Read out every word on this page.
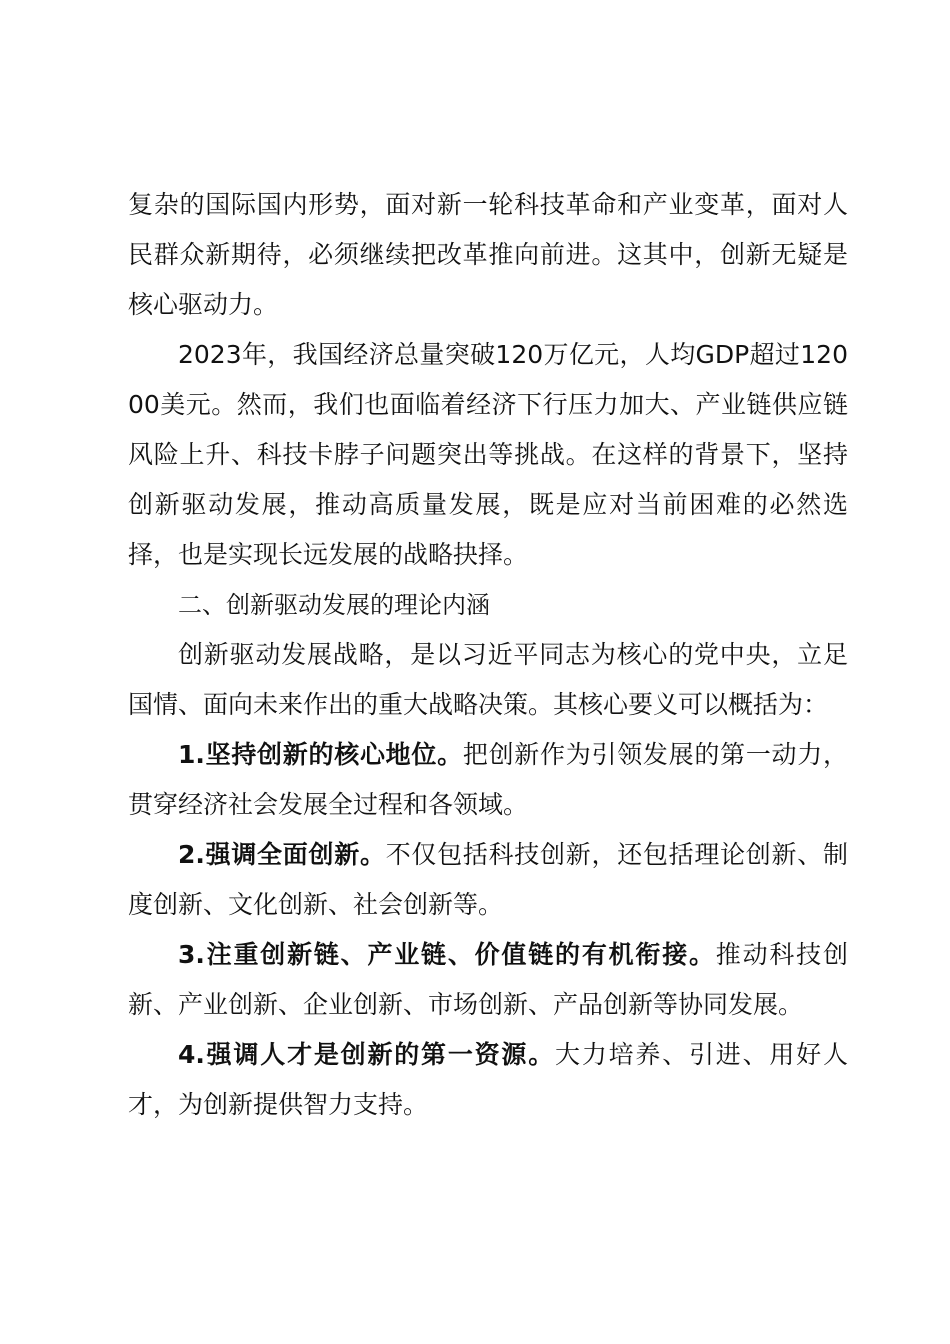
复杂的国际国内形势，面对新一轮科技革命和产业变革，面对人民群众新期待，必须继续把改革推向前进。这其中，创新无疑是核心驱动力。

2023年，我国经济总量突破120万亿元，人均GDP超过12000美元。然而，我们也面临着经济下行压力加大、产业链供应链风险上升、科技卡脖子问题突出等挑战。在这样的背景下，坚持创新驱动发展，推动高质量发展，既是应对当前困难的必然选择，也是实现长远发展的战略抉择。

二、创新驱动发展的理论内涵

创新驱动发展战略，是以习近平同志为核心的党中央，立足国情、面向未来作出的重大战略决策。其核心要义可以概括为：

1.坚持创新的核心地位。把创新作为引领发展的第一动力，贯穿经济社会发展全过程和各领域。

2.强调全面创新。不仅包括科技创新，还包括理论创新、制度创新、文化创新、社会创新等。

3.注重创新链、产业链、价值链的有机衔接。推动科技创新、产业创新、企业创新、市场创新、产品创新等协同发展。

4.强调人才是创新的第一资源。大力培养、引进、用好人才，为创新提供智力支持。
